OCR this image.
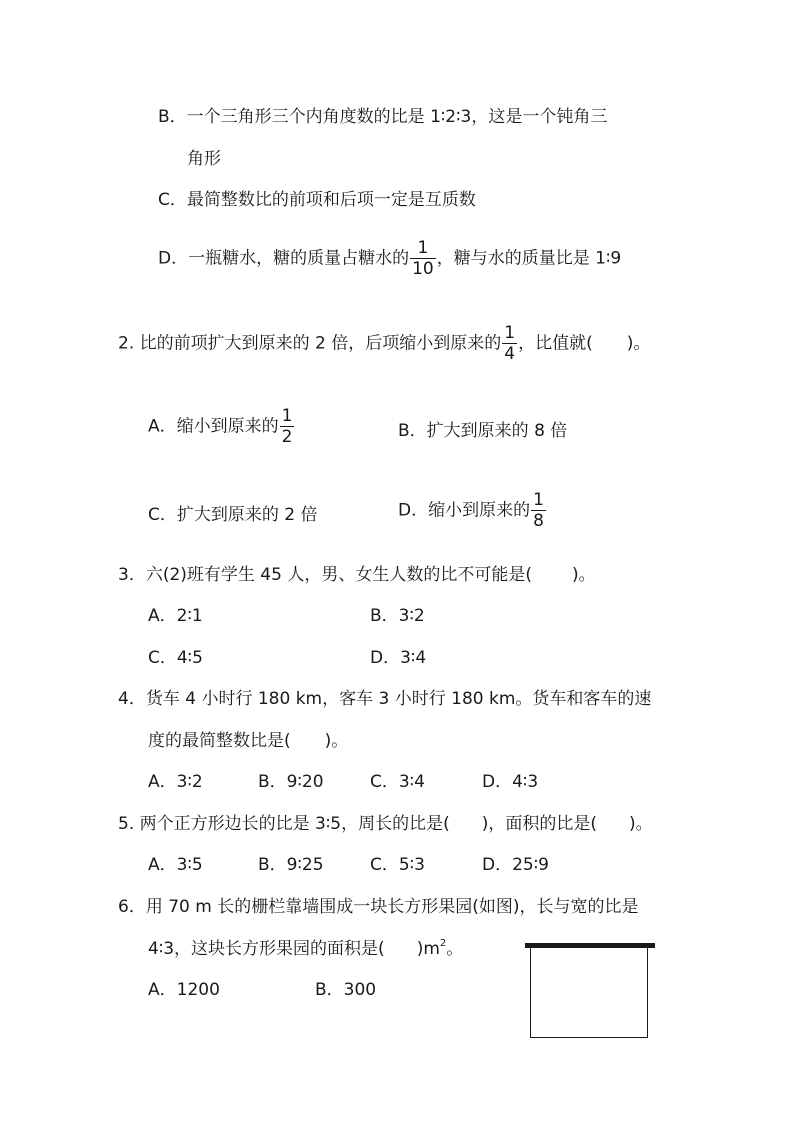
B．一个三角形三个内角度数的比是 1∶2∶3，这是一个钝角三
角形
C．最简整数比的前项和后项一定是互质数
D．一瓶糖水，糖的质量占糖水的 $\frac{1}{10}$ ，糖与水的质量比是 1∶9
2. 比的前项扩大到原来的 2 倍，后项缩小到原来的 $\frac{1}{4}$ ，比值就( )。
A．缩小到原来的 $\frac{1}{2}$	B．扩大到原来的 8 倍
C．扩大到原来的 2 倍	D．缩小到原来的 $\frac{1}{8}$
3．六(2)班有学生 45 人，男、女生人数的比不可能是( )。
A．2∶1	B．3∶2
C．4∶5	D．3∶4
4．货车 4 小时行 180 km，客车 3 小时行 180 km。货车和客车的速
度的最简整数比是( )。
A．3∶2	B．9∶20	C．3∶4	D．4∶3
5. 两个正方形边长的比是 3∶5，周长的比是( )，面积的比是( )。
A．3∶5	B．9∶25	C．5∶3	D．25∶9
6．用 70 m 长的栅栏靠墙围成一块长方形果园(如图)，长与宽的比是
4∶3，这块长方形果园的面积是( )$m^2$。
A．1200	B．300
